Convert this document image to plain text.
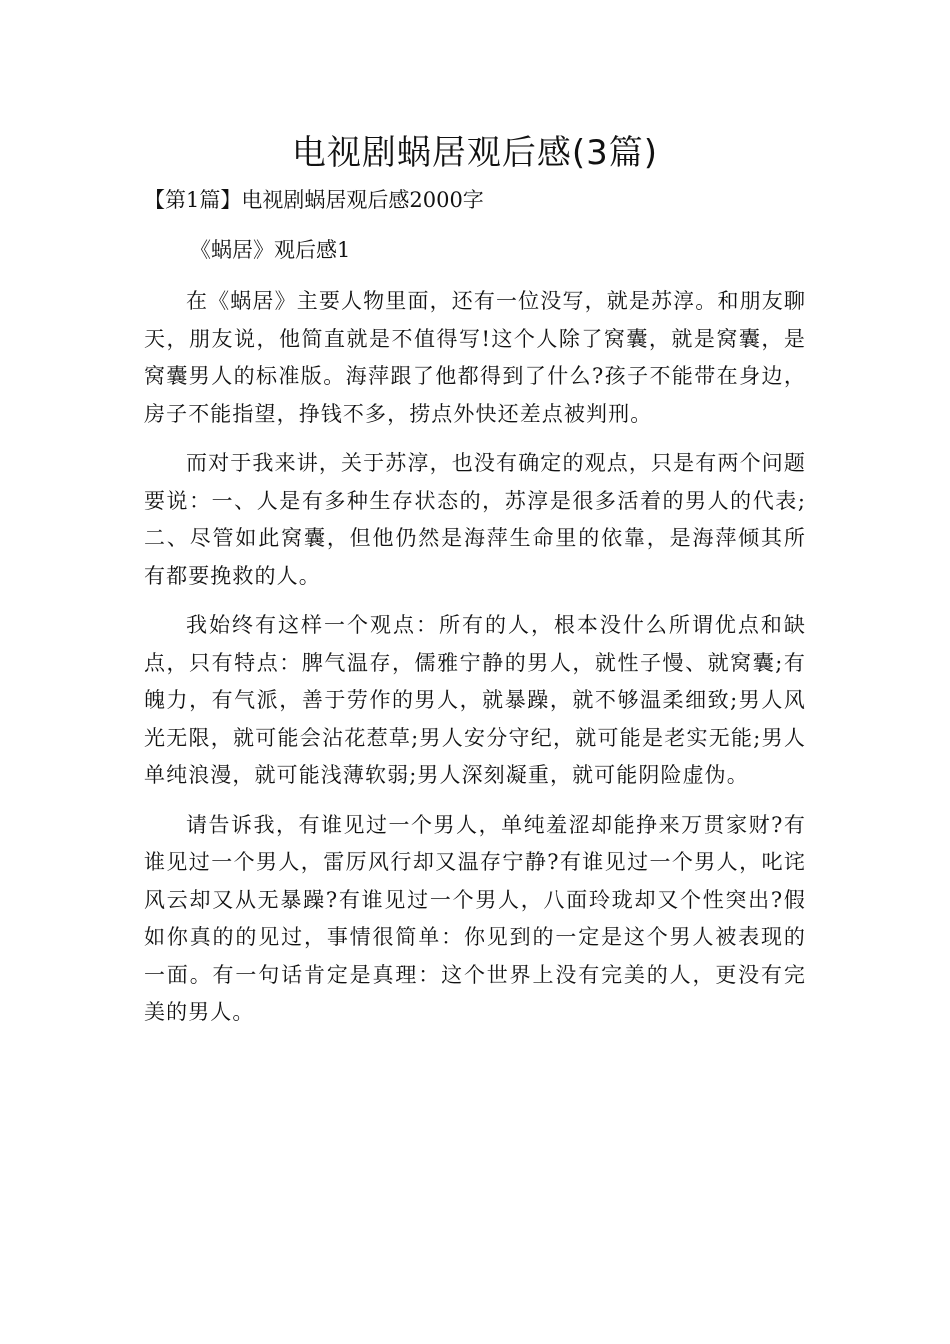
电视剧蜗居观后感(3篇)
【第1篇】电视剧蜗居观后感2000字

《蜗居》观后感1

在《蜗居》主要人物里面，还有一位没写，就是苏淳。和朋友聊天，朋友说，他简直就是不值得写!这个人除了窝囊，就是窝囊，是窝囊男人的标准版。海萍跟了他都得到了什么?孩子不能带在身边，房子不能指望，挣钱不多，捞点外快还差点被判刑。

而对于我来讲，关于苏淳，也没有确定的观点，只是有两个问题要说：一、人是有多种生存状态的，苏淳是很多活着的男人的代表;二、尽管如此窝囊，但他仍然是海萍生命里的依靠，是海萍倾其所有都要挽救的人。

我始终有这样一个观点：所有的人，根本没什么所谓优点和缺点，只有特点：脾气温存，儒雅宁静的男人，就性子慢、就窝囊;有魄力，有气派，善于劳作的男人，就暴躁，就不够温柔细致;男人风光无限，就可能会沾花惹草;男人安分守纪，就可能是老实无能;男人单纯浪漫，就可能浅薄软弱;男人深刻凝重，就可能阴险虚伪。

请告诉我，有谁见过一个男人，单纯羞涩却能挣来万贯家财?有谁见过一个男人，雷厉风行却又温存宁静?有谁见过一个男人，叱诧风云却又从无暴躁?有谁见过一个男人，八面玲珑却又个性突出?假如你真的的见过，事情很简单：你见到的一定是这个男人被表现的一面。有一句话肯定是真理：这个世界上没有完美的人，更没有完美的男人。
